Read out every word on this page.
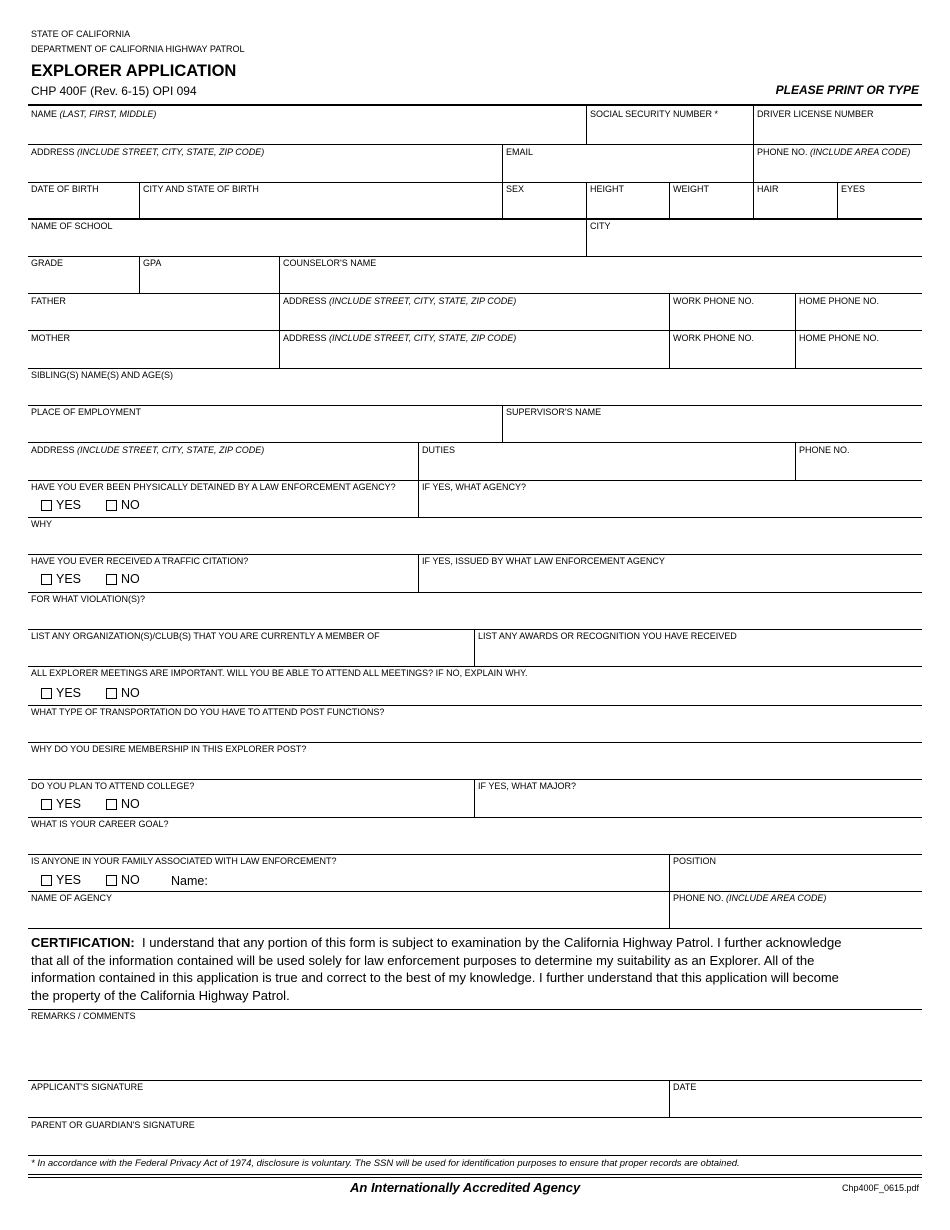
STATE OF CALIFORNIA
DEPARTMENT OF CALIFORNIA HIGHWAY PATROL
EXPLORER APPLICATION
CHP 400F (Rev. 6-15) OPI 094	PLEASE PRINT OR TYPE
NAME (LAST, FIRST, MIDDLE)	SOCIAL SECURITY NUMBER *	DRIVER LICENSE NUMBER
ADDRESS (INCLUDE STREET, CITY, STATE, ZIP CODE)	EMAIL	PHONE NO. (INCLUDE AREA CODE)
DATE OF BIRTH	CITY AND STATE OF BIRTH	SEX	HEIGHT	WEIGHT	HAIR	EYES
NAME OF SCHOOL	CITY
GRADE	GPA	COUNSELOR'S NAME
FATHER	ADDRESS (INCLUDE STREET, CITY, STATE, ZIP CODE)	WORK PHONE NO.	HOME PHONE NO.
MOTHER	ADDRESS (INCLUDE STREET, CITY, STATE, ZIP CODE)	WORK PHONE NO.	HOME PHONE NO.
SIBLING(S) NAME(S) AND AGE(S)
PLACE OF EMPLOYMENT	SUPERVISOR'S NAME
ADDRESS (INCLUDE STREET, CITY, STATE, ZIP CODE)	DUTIES	PHONE NO.
HAVE YOU EVER BEEN PHYSICALLY DETAINED BY A LAW ENFORCEMENT AGENCY?	IF YES, WHAT AGENCY?
YES	NO
WHY
HAVE YOU EVER RECEIVED A TRAFFIC CITATION?	IF YES, ISSUED BY WHAT LAW ENFORCEMENT AGENCY
YES	NO
FOR WHAT VIOLATION(S)?
LIST ANY ORGANIZATION(S)/CLUB(S) THAT YOU ARE CURRENTLY A MEMBER OF	LIST ANY AWARDS OR RECOGNITION YOU HAVE RECEIVED
ALL EXPLORER MEETINGS ARE IMPORTANT. WILL YOU BE ABLE TO ATTEND ALL MEETINGS? IF NO, EXPLAIN WHY.
YES	NO
WHAT TYPE OF TRANSPORTATION DO YOU HAVE TO ATTEND POST FUNCTIONS?
WHY DO YOU DESIRE MEMBERSHIP IN THIS EXPLORER POST?
DO YOU PLAN TO ATTEND COLLEGE?	IF YES, WHAT MAJOR?
YES	NO
WHAT IS YOUR CAREER GOAL?
IS ANYONE IN YOUR FAMILY ASSOCIATED WITH LAW ENFORCEMENT?	POSITION
YES	NO	Name:
NAME OF AGENCY	PHONE NO. (INCLUDE AREA CODE)
CERTIFICATION: I understand that any portion of this form is subject to examination by the California Highway Patrol. I further acknowledge
that all of the information contained will be used solely for law enforcement purposes to determine my suitability as an Explorer. All of the
information contained in this application is true and correct to the best of my knowledge. I further understand that this application will become
the property of the California Highway Patrol.
REMARKS / COMMENTS
APPLICANT'S SIGNATURE	DATE
PARENT OR GUARDIAN'S SIGNATURE
* In accordance with the Federal Privacy Act of 1974, disclosure is voluntary. The SSN will be used for identification purposes to ensure that proper records are obtained.
An Internationally Accredited Agency	Chp400F_0615.pdf
